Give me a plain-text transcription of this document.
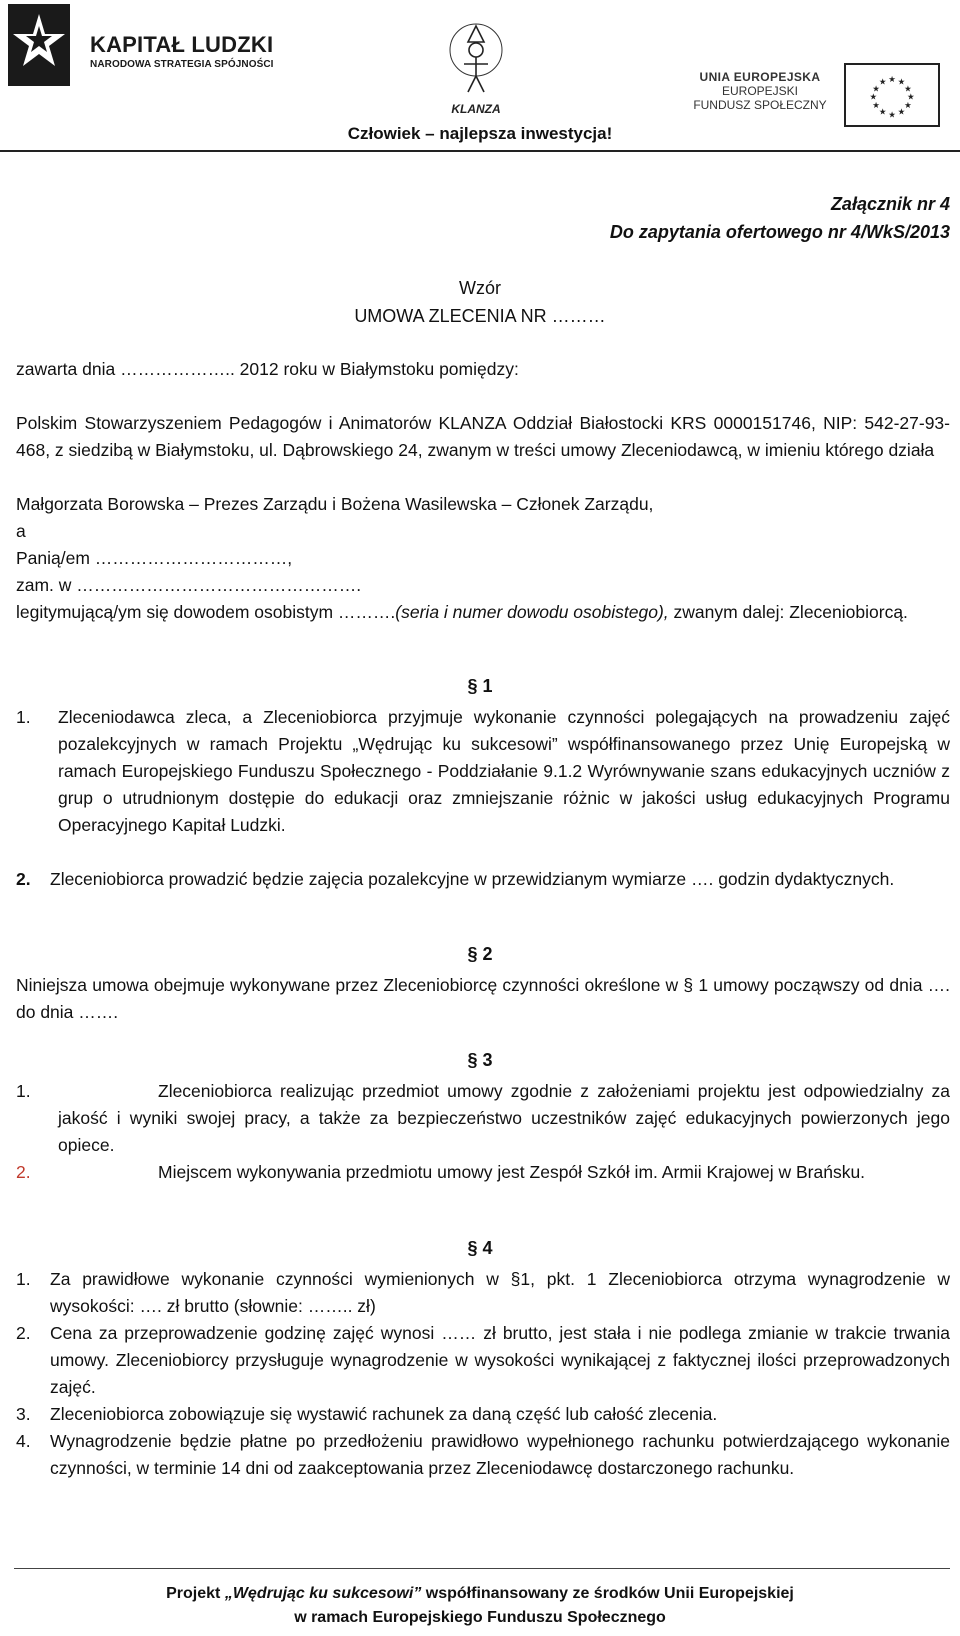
KAPITAŁ LUDZKI
NARODOWA STRATEGIA SPÓJNOŚCI
KLANZA
UNIA EUROPEJSKA
EUROPEJSKI
FUNDUSZ SPOŁECZNY
★ ★
★
★
★
★
★
★
★
★
★
★
Człowiek – najlepsza inwestycja!
Załącznik nr 4
Do zapytania ofertowego nr 4/WkS/2013
Wzór
UMOWA ZLECENIA NR ………
zawarta dnia ……………….. 2012 roku w Białymstoku pomiędzy:
Polskim Stowarzyszeniem Pedagogów i Animatorów KLANZA Oddział Białostocki KRS 0000151746, NIP: 542-27-93-468, z siedzibą w Białymstoku, ul. Dąbrowskiego 24, zwanym w treści umowy Zleceniodawcą, w imieniu którego działa
Małgorzata Borowska – Prezes Zarządu i Bożena Wasilewska – Członek Zarządu,
a
Panią/em ……………………………,
zam. w ………………………………………….
legitymującą/ym się dowodem osobistym ……….(seria i numer dowodu osobistego), zwanym dalej: Zleceniobiorcą.
§ 1
1. Zleceniodawca zleca, a Zleceniobiorca przyjmuje wykonanie czynności polegających na prowadzeniu zajęć pozalekcyjnych w ramach Projektu „Wędrując ku sukcesowi” współfinansowanego przez Unię Europejską w ramach Europejskiego Funduszu Społecznego - Poddziałanie 9.1.2 Wyrównywanie szans edukacyjnych uczniów z grup o utrudnionym dostępie do edukacji oraz zmniejszanie różnic w jakości usług edukacyjnych Programu Operacyjnego Kapitał Ludzki.
2. Zleceniobiorca prowadzić będzie zajęcia pozalekcyjne w przewidzianym wymiarze …. godzin dydaktycznych.
§ 2
Niniejsza umowa obejmuje wykonywane przez Zleceniobiorcę czynności określone w § 1 umowy począwszy od dnia …. do dnia …….
§ 3
1.	Zleceniobiorca realizując przedmiot umowy zgodnie z założeniami projektu jest odpowiedzialny za jakość i wyniki swojej pracy, a także za bezpieczeństwo uczestników zajęć edukacyjnych powierzonych jego opiece.
2.	Miejscem wykonywania przedmiotu umowy jest Zespół Szkół im. Armii Krajowej w Brańsku.
§ 4
1. Za prawidłowe wykonanie czynności wymienionych w §1, pkt. 1 Zleceniobiorca otrzyma wynagrodzenie w wysokości: …. zł brutto (słownie: …….. zł)
2. Cena za przeprowadzenie godzinę zajęć wynosi …… zł brutto, jest stała i nie podlega zmianie w trakcie trwania umowy. Zleceniobiorcy przysługuje wynagrodzenie w wysokości wynikającej z faktycznej ilości przeprowadzonych zajęć.
3. Zleceniobiorca zobowiązuje się wystawić rachunek za daną część lub całość zlecenia.
4. Wynagrodzenie będzie płatne po przedłożeniu prawidłowo wypełnionego rachunku potwierdzającego wykonanie czynności, w terminie 14 dni od zaakceptowania przez Zleceniodawcę dostarczonego rachunku.
Projekt „Wędrując ku sukcesowi” współfinansowany ze środków Unii Europejskiej
w ramach Europejskiego Funduszu Społecznego
